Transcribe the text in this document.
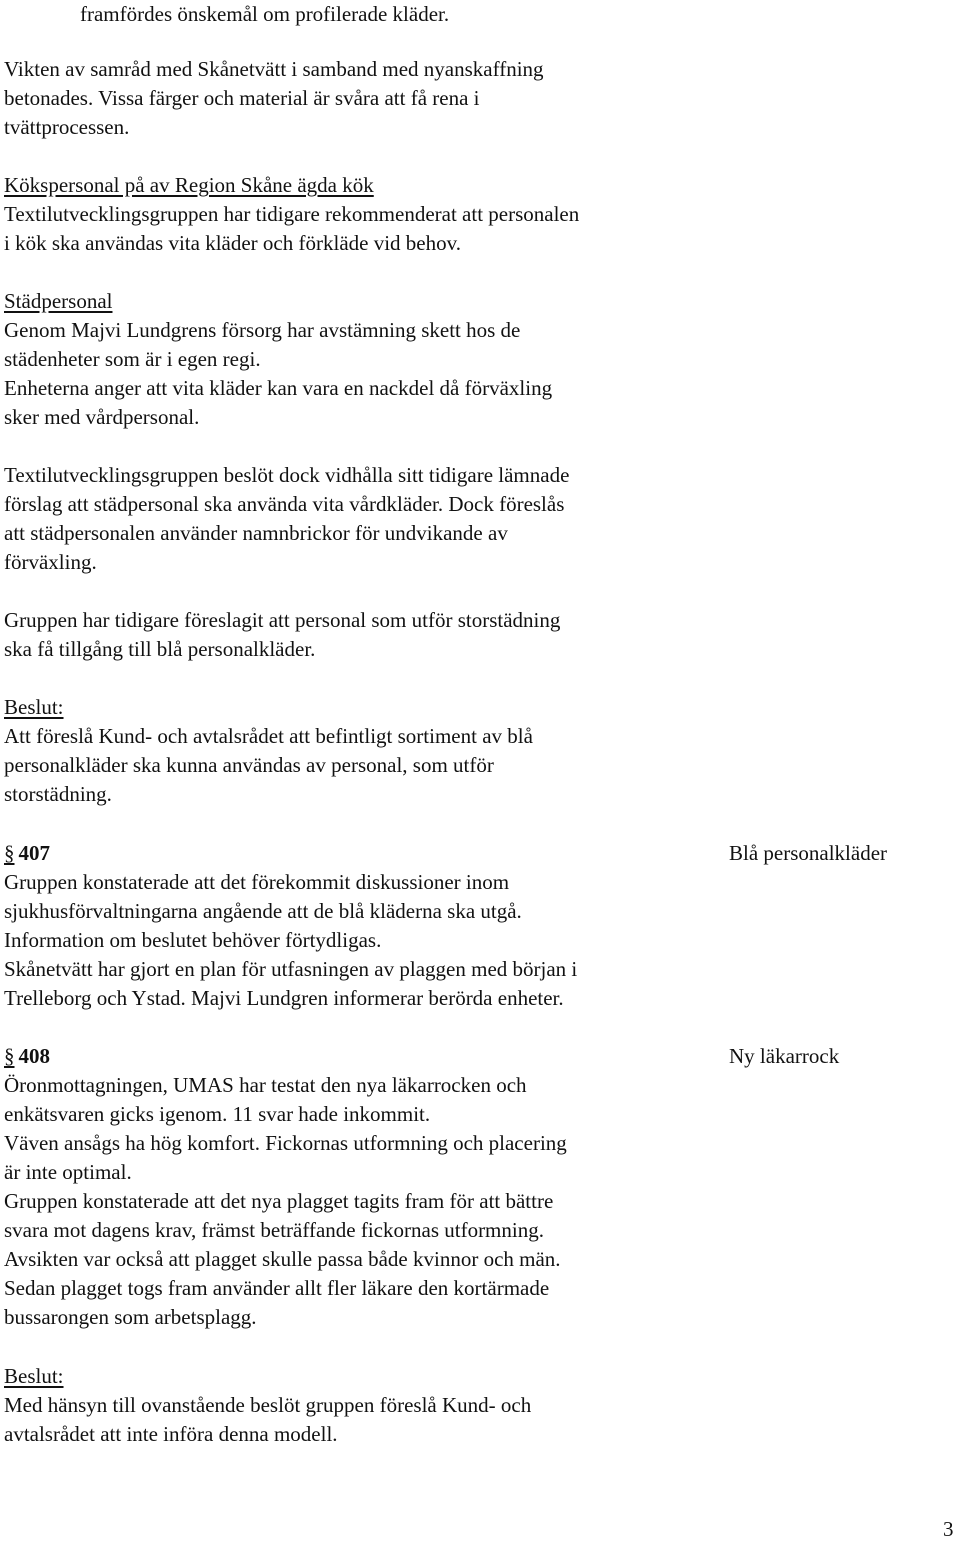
framfördes önskemål om profilerade kläder.
Vikten av samråd med Skånetvätt i samband med nyanskaffning
betonades. Vissa färger och material är svåra att få rena i
tvättprocessen.
Kökspersonal på av Region Skåne ägda kök
Textilutvecklingsgruppen har tidigare rekommenderat att personalen
i kök ska användas vita kläder och förkläde vid behov.
Städpersonal
Genom Majvi Lundgrens försorg har avstämning skett hos de
städenheter som är i egen regi.
Enheterna anger att vita kläder kan vara en nackdel då förväxling
sker med vårdpersonal.
Textilutvecklingsgruppen beslöt dock vidhålla sitt tidigare lämnade
förslag att städpersonal ska använda vita vårdkläder. Dock föreslås
att städpersonalen använder namnbrickor för undvikande av
förväxling.
Gruppen har tidigare föreslagit att personal som utför storstädning
ska få tillgång till blå personalkläder.
Beslut:
Att föreslå Kund- och avtalsrådet att befintligt sortiment av blå
personalkläder ska kunna användas av personal, som utför
storstädning.
Gruppen konstaterade att det förekommit diskussioner inom
sjukhusförvaltningarna angående att de blå kläderna ska utgå.
Information om beslutet behöver förtydligas.
Skånetvätt har gjort en plan för utfasningen av plaggen med början i
Trelleborg och Ystad. Majvi Lundgren informerar berörda enheter.
Öronmottagningen, UMAS har testat den nya läkarrocken och
enkätsvaren gicks igenom. 11 svar hade inkommit.
Väven ansågs ha hög komfort. Fickornas utformning och placering
är inte optimal.
Gruppen konstaterade att det nya plagget tagits fram för att bättre
svara mot dagens krav, främst beträffande fickornas utformning.
Avsikten var också att plagget skulle passa både kvinnor och män.
Sedan plagget togs fram använder allt fler läkare den kortärmade
bussarongen som arbetsplagg.
Beslut:
Med hänsyn till ovanstående beslöt gruppen föreslå Kund- och
avtalsrådet att inte införa denna modell.
§ 407	Blå personalkläder
§ 408	Ny läkarrock
3
